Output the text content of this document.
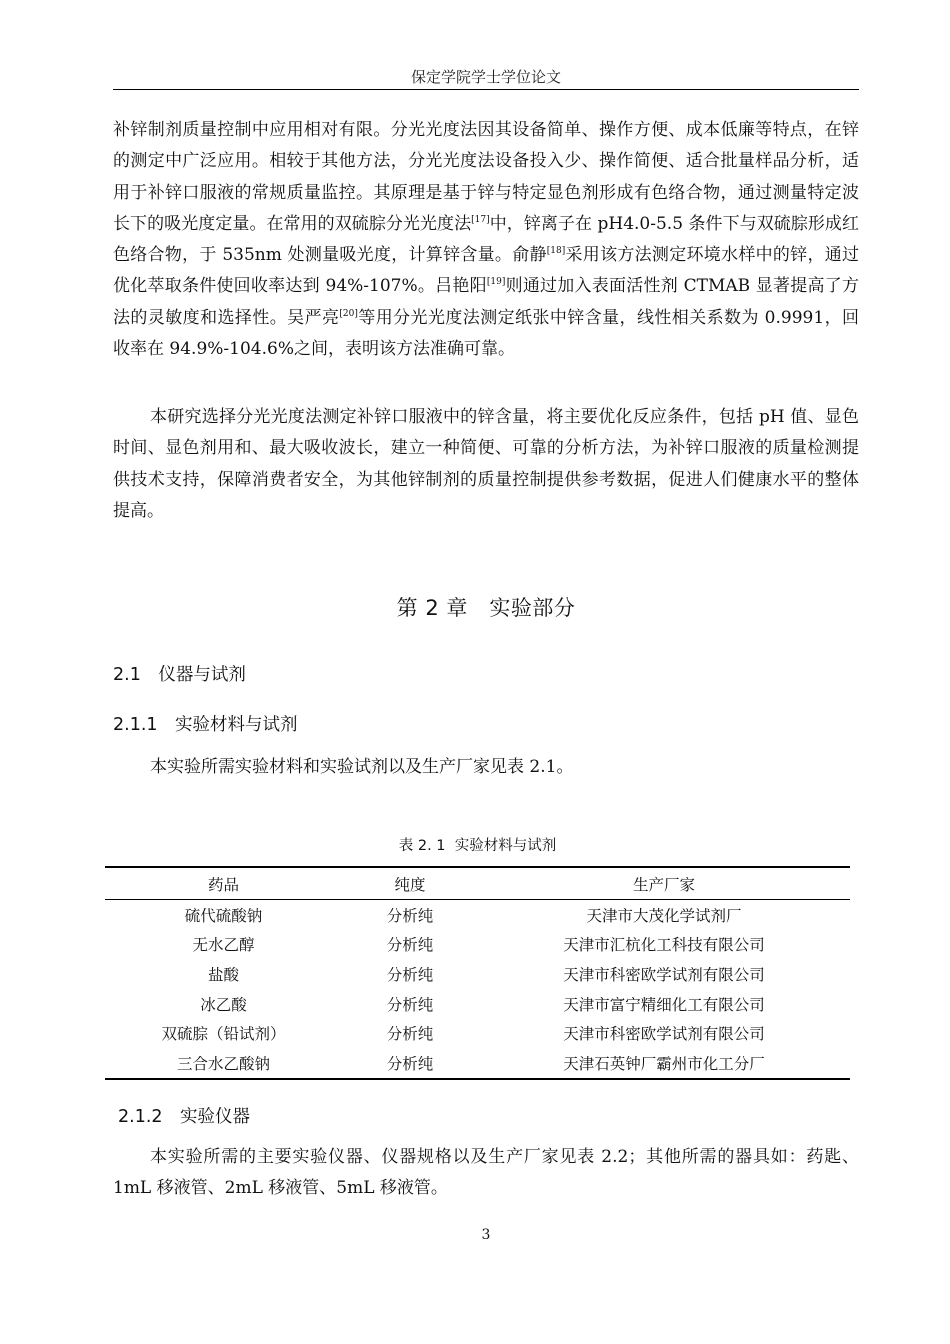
保定学院学士学位论文

补锌制剂质量控制中应用相对有限。分光光度法因其设备简单、操作方便、成本低廉等特点，在锌的测定中广泛应用。相较于其他方法，分光光度法设备投入少、操作简便、适合批量样品分析，适用于补锌口服液的常规质量监控。其原理是基于锌与特定显色剂形成有色络合物，通过测量特定波长下的吸光度定量。在常用的双硫腙分光光度法[17]中，锌离子在 pH4.0-5.5 条件下与双硫腙形成红色络合物，于 535nm 处测量吸光度，计算锌含量。俞静[18]采用该方法测定环境水样中的锌，通过优化萃取条件使回收率达到 94%-107%。吕艳阳[19]则通过加入表面活性剂 CTMAB 显著提高了方法的灵敏度和选择性。吴严亮[20]等用分光光度法测定纸张中锌含量，线性相关系数为 0.9991，回收率在 94.9%-104.6%之间，表明该方法准确可靠。

本研究选择分光光度法测定补锌口服液中的锌含量，将主要优化反应条件，包括 pH 值、显色时间、显色剂用和、最大吸收波长，建立一种简便、可靠的分析方法，为补锌口服液的质量检测提供技术支持，保障消费者安全，为其他锌制剂的质量控制提供参考数据，促进人们健康水平的整体提高。

第 2 章　实验部分
2.1　仪器与试剂
2.1.1　实验材料与试剂

本实验所需实验材料和实验试剂以及生产厂家见表 2.1。

表 2. 1  实验材料与试剂
药品	纯度	生产厂家
硫代硫酸钠	分析纯	天津市大茂化学试剂厂
无水乙醇	分析纯	天津市汇杭化工科技有限公司
盐酸	分析纯	天津市科密欧学试剂有限公司
冰乙酸	分析纯	天津市富宁精细化工有限公司
双硫腙（铅试剂）	分析纯	天津市科密欧学试剂有限公司
三合水乙酸钠	分析纯	天津石英钟厂霸州市化工分厂
2.1.2　实验仪器

本实验所需的主要实验仪器、仪器规格以及生产厂家见表 2.2；其他所需的器具如：药匙、1mL 移液管、2mL 移液管、5mL 移液管。

3
